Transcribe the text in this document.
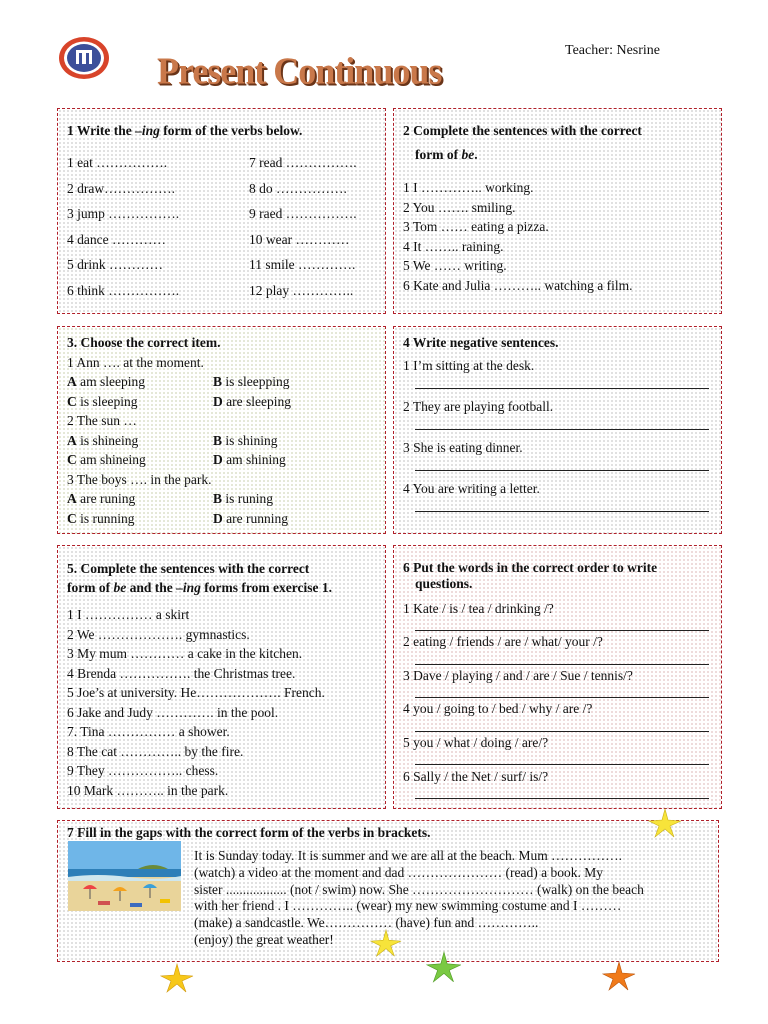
Present Continuous	Teacher: Nesrine
1 Write the –ing form of the verbs below.
1 eat …………….
2 draw…………….
3 jump …………….
4 dance …………
5 drink …………
6 think …………….
7 read …………….
8 do …………….
9 raed …………….
10 wear …………
11 smile ………….
12 play …………..
2 Complete the sentences with the correct
form of be.
1 I ………….. working.
2 You ……. smiling.
3 Tom …… eating a pizza.
4 It …….. raining.
5 We …… writing.
6 Kate and Julia ……….. watching a film.
3. Choose the correct item.
1 Ann …. at the moment.
A am sleeping	B is sleepping
C is sleeping	D are sleeping
2 The sun …
A is shineing	B is shining
C am shineing	D am shining
3 The boys …. in the park.
A are runing	B is runing
C is running	D are running
4 Write negative sentences.
1 I’m sitting at the desk.
2 They are playing football.
3 She is eating dinner.
4 You are writing a letter.
5. Complete the sentences with the correct
form of be and the –ing forms from exercise 1.
1 I …………… a skirt
2 We ………………. gymnastics.
3 My mum ………… a cake in the kitchen.
4 Brenda ……………. the Christmas tree.
5 Joe’s at university. He………………. French.
6 Jake and Judy …………. in the pool.
7. Tina …………… a shower.
8 The cat ………….. by the fire.
9 They …………….. chess.
10 Mark ……….. in the park.
6 Put the words in the correct order to write
questions.
1 Kate / is / tea / drinking /?
2 eating / friends / are / what/ your /?
3 Dave / playing / and / are / Sue / tennis/?
4 you / going to / bed / why / are /?
5 you / what / doing / are/?
6 Sally / the Net / surf/ is/?
7 Fill in the gaps with the correct form of the verbs in brackets.
It is Sunday today. It is summer and we are all at the beach. Mum …………….
(watch) a video at the moment and dad ………………… (read) a book. My
sister .................. (not / swim) now. She ……………………… (walk) on the beach
with her friend . I ………….. (wear) my new swimming costume and I ………
(make) a sandcastle. We…………… (have) fun and …………..
(enjoy) the great weather!
